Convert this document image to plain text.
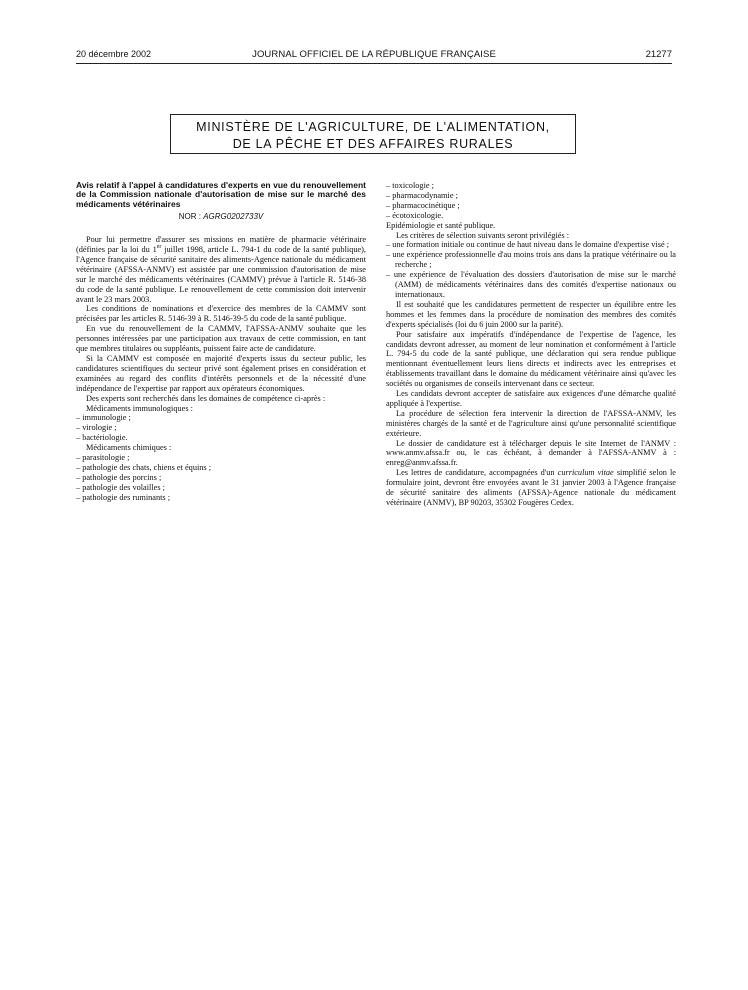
20 décembre 2002	JOURNAL OFFICIEL DE LA RÉPUBLIQUE FRANÇAISE	21277
MINISTÈRE DE L'AGRICULTURE, DE L'ALIMENTATION,
DE LA PÊCHE ET DES AFFAIRES RURALES
Avis relatif à l'appel à candidatures d'experts en vue du renouvellement de la Commission nationale d'autorisation de mise sur le marché des médicaments vétérinaires
NOR : AGRG0202733V

Pour lui permettre d'assurer ses missions en matière de pharmacie vétérinaire (définies par la loi du 1er juillet 1998, article L. 794-1 du code de la santé publique), l'Agence française de sécurité sanitaire des aliments-Agence nationale du médicament vétérinaire (AFSSA-ANMV) est assistée par une commission d'autorisation de mise sur le marché des médicaments vétérinaires (CAMMV) prévue à l'article R. 5146-38 du code de la santé publique. Le renouvellement de cette commission doit intervenir avant le 23 mars 2003.

Les conditions de nominations et d'exercice des membres de la CAMMV sont précisées par les articles R. 5146-39 à R. 5146-39-5 du code de la santé publique.

En vue du renouvellement de la CAMMV, l'AFSSA-ANMV souhaite que les personnes intéressées par une participation aux travaux de cette commission, en tant que membres titulaires ou suppléants, puissent faire acte de candidature.

Si la CAMMV est composée en majorité d'experts issus du secteur public, les candidatures scientifiques du secteur privé sont également prises en considération et examinées au regard des conflits d'intérêts personnels et de la nécessité d'une indépendance de l'expertise par rapport aux opérateurs économiques.

Des experts sont recherchés dans les domaines de compétence ci-après :

Médicaments immunologiques :

– immunologie ;

– virologie ;

– bactériologie.

Médicaments chimiques :

– parasitologie ;

– pathologie des chats, chiens et équins ;

– pathologie des porcins ;

– pathologie des volailles ;

– pathologie des ruminants ;

– toxicologie ;

– pharmacodynamie ;

– pharmacocinétique ;

– écotoxicologie.

Epidémiologie et santé publique.

Les critères de sélection suivants seront privilégiés :

– une formation initiale ou continue de haut niveau dans le domaine d'expertise visé ;

– une expérience professionnelle d'au moins trois ans dans la pratique vétérinaire ou la recherche ;

– une expérience de l'évaluation des dossiers d'autorisation de mise sur le marché (AMM) de médicaments vétérinaires dans des comités d'expertise nationaux ou internationaux.

Il est souhaité que les candidatures permettent de respecter un équilibre entre les hommes et les femmes dans la procédure de nomination des membres des comités d'experts spécialisés (loi du 6 juin 2000 sur la parité).

Pour satisfaire aux impératifs d'indépendance de l'expertise de l'agence, les candidats devront adresser, au moment de leur nomination et conformément à l'article L. 794-5 du code de la santé publique, une déclaration qui sera rendue publique mentionnant éventuellement leurs liens directs et indirects avec les entreprises et établissements travaillant dans le domaine du médicament vétérinaire ainsi qu'avec les sociétés ou organismes de conseils intervenant dans ce secteur.

Les candidats devront accepter de satisfaire aux exigences d'une démarche qualité appliquée à l'expertise.

La procédure de sélection fera intervenir la direction de l'AFSSA-ANMV, les ministères chargés de la santé et de l'agriculture ainsi qu'une personnalité scientifique extérieure.

Le dossier de candidature est à télécharger depuis le site Internet de l'ANMV : www.anmv.afssa.fr ou, le cas échéant, à demander à l'AFSSA-ANMV à : enreg@anmv.afssa.fr.

Les lettres de candidature, accompagnées d'un curriculum vitae simplifié selon le formulaire joint, devront être envoyées avant le 31 janvier 2003 à l'Agence française de sécurité sanitaire des aliments (AFSSA)-Agence nationale du médicament vétérinaire (ANMV), BP 90203, 35302 Fougères Cedex.
